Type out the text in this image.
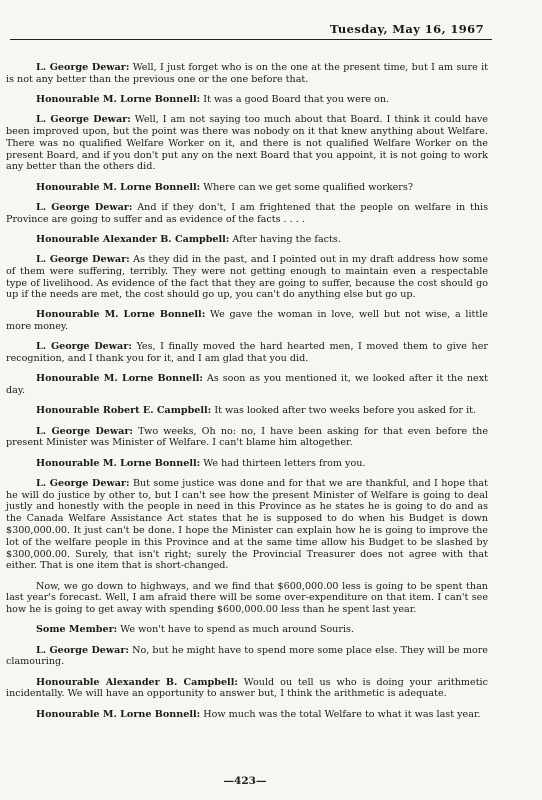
Tuesday, May 16, 1967

L. George Dewar: Well, I just forget who is on the one at the present time, but I am sure it is not any better than the previous one or the one before that.

Honourable M. Lorne Bonnell: It was a good Board that you were on.

L. George Dewar: Well, I am not saying too much about that Board. I think it could have been improved upon, but the point was there was nobody on it that knew anything about Welfare. There was no qualified Welfare Worker on it, and there is not qualified Welfare Worker on the present Board, and if you don't put any on the next Board that you appoint, it is not going to work any better than the others did.

Honourable M. Lorne Bonnell: Where can we get some qualified workers?

L. George Dewar: And if they don't, I am frightened that the people on welfare in this Province are going to suffer and as evidence of the facts . . . .

Honourable Alexander B. Campbell: After having the facts.

L. George Dewar: As they did in the past, and I pointed out in my draft address how some of them were suffering, terribly. They were not getting enough to maintain even a respectable type of livelihood. As evidence of the fact that they are going to suffer, because the cost should go up if the needs are met, the cost should go up, you can't do anything else but go up.

Honourable M. Lorne Bonnell: We gave the woman in love, well but not wise, a little more money.

L. George Dewar: Yes, I finally moved the hard hearted men, I moved them to give her recognition, and I thank you for it, and I am glad that you did.

Honourable M. Lorne Bonnell: As soon as you mentioned it, we looked after it the next day.

Honourable Robert E. Campbell: It was looked after two weeks before you asked for it.

L. George Dewar: Two weeks, Oh no: no, I have been asking for that even before the present Minister was Minister of Welfare. I can't blame him altogether.

Honourable M. Lorne Bonnell: We had thirteen letters from you.

L. George Dewar: But some justice was done and for that we are thankful, and I hope that he will do justice by other to, but I can't see how the present Minister of Welfare is going to deal justly and honestly with the people in need in this Province as he states he is going to do and as the Canada Welfare Assistance Act states that he is supposed to do when his Budget is down $300,000.00. It just can't be done. I hope the Minister can explain how he is going to improve the lot of the welfare people in this Province and at the same time allow his Budget to be slashed by $300,000.00. Surely, that isn't right; surely the Provincial Treasurer does not agree with that either. That is one item that is short-changed.

Now, we go down to highways, and we find that $600,000.00 less is going to be spent than last year's forecast. Well, I am afraid there will be some over-expenditure on that item. I can't see how he is going to get away with spending $600,000.00 less than he spent last year.

Some Member: We won't have to spend as much around Souris.

L. George Dewar: No, but he might have to spend more some place else. They will be more clamouring.

Honourable Alexander B. Campbell: Would ou tell us who is doing your arithmetic incidentally. We will have an opportunity to answer but, I think the arithmetic is adequate.

Honourable M. Lorne Bonnell: How much was the total Welfare to what it was last year.

—423—
